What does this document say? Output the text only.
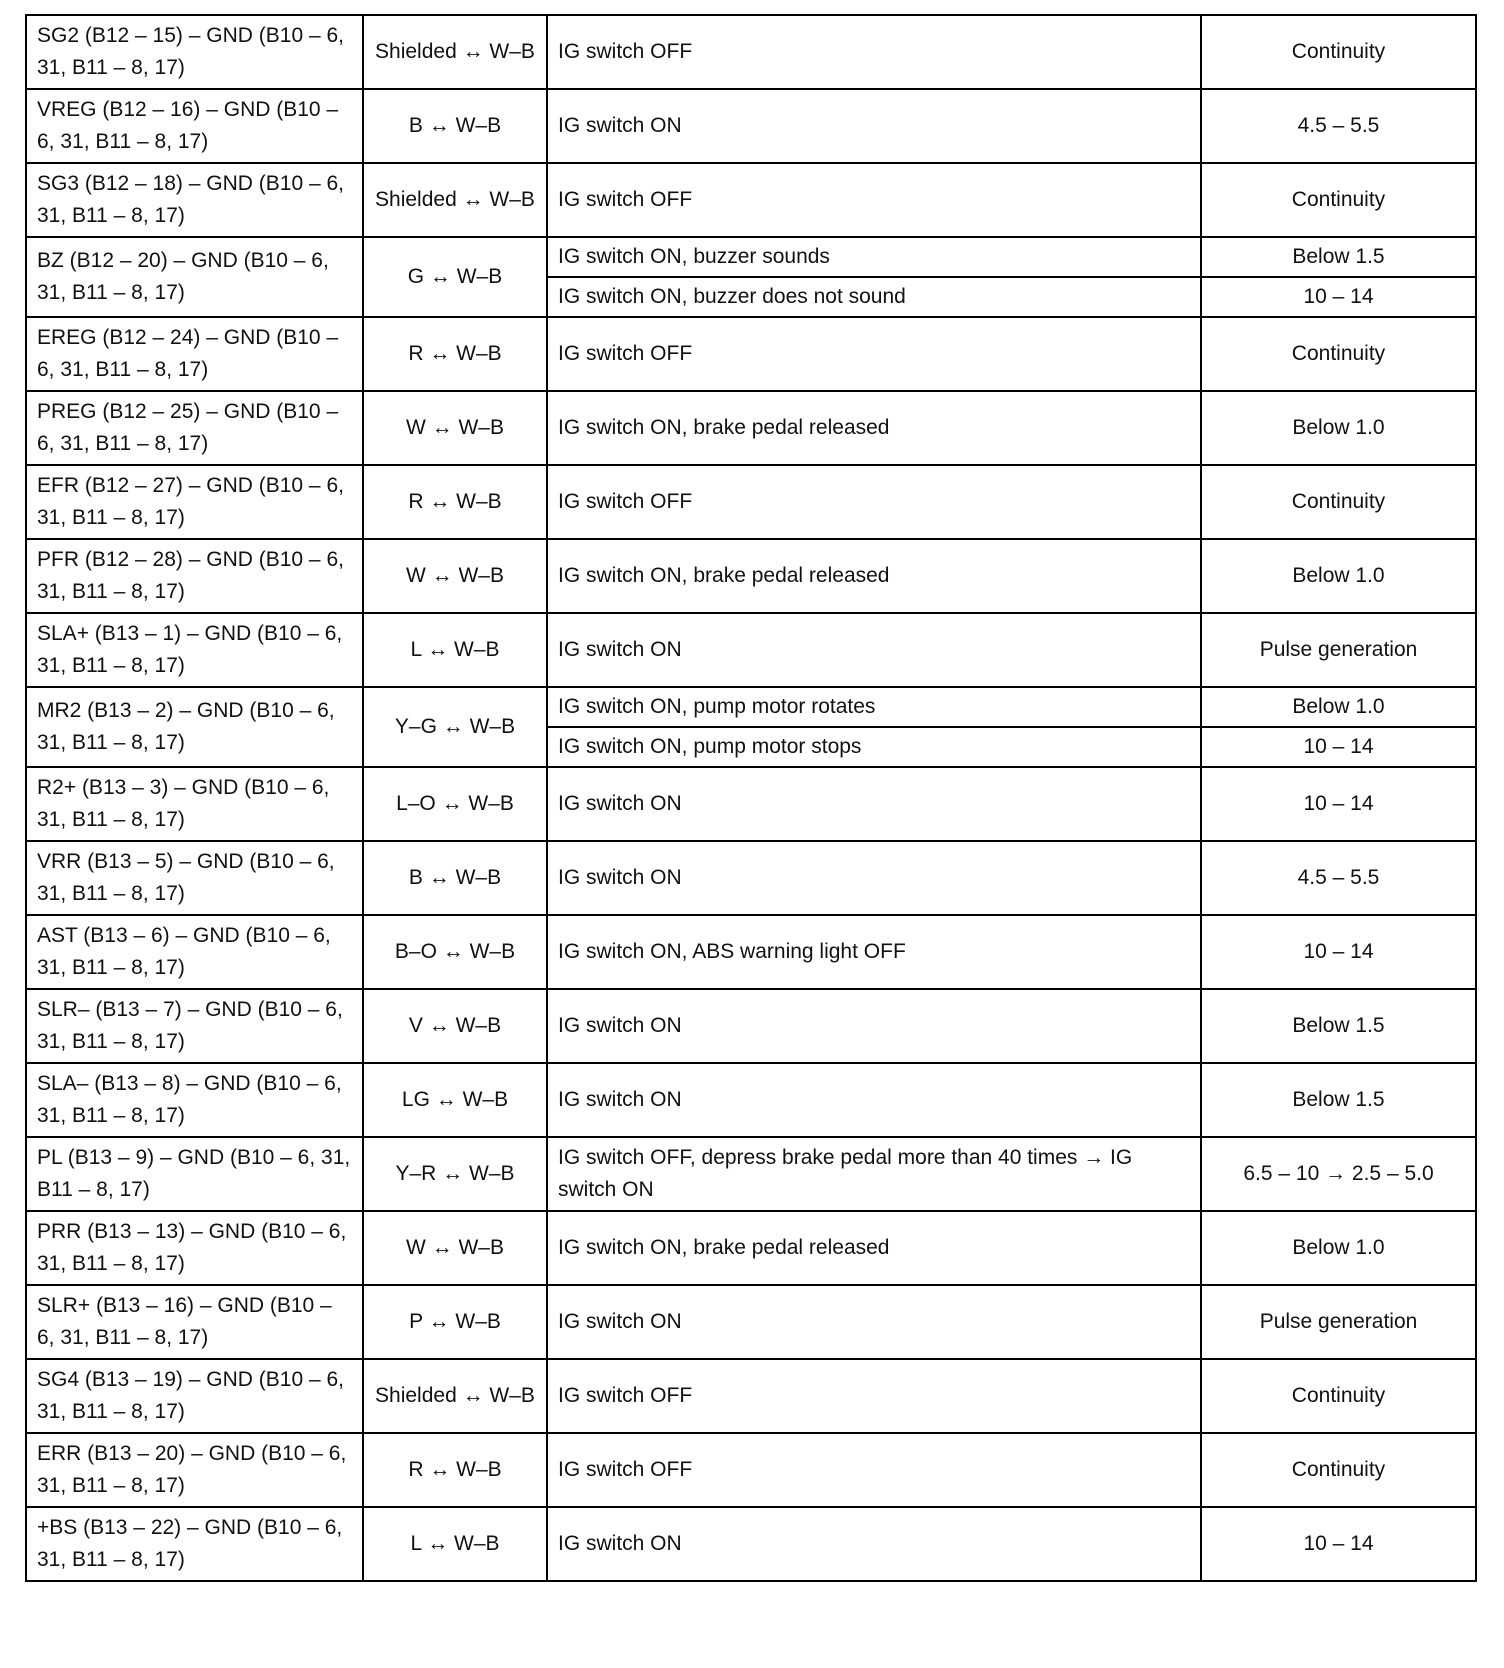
SG2 (B12 – 15) – GND (B10 – 6, 31, B11 – 8, 17)	Shielded ↔ W–B	IG switch OFF	Continuity
VREG (B12 – 16) – GND (B10 – 6, 31, B11 – 8, 17)	B ↔ W–B	IG switch ON	4.5 – 5.5
SG3 (B12 – 18) – GND (B10 – 6, 31, B11 – 8, 17)	Shielded ↔ W–B	IG switch OFF	Continuity
BZ (B12 – 20) – GND (B10 – 6, 31, B11 – 8, 17)	G ↔ W–B	IG switch ON, buzzer sounds	Below 1.5
		IG switch ON, buzzer does not sound	10 – 14
EREG (B12 – 24) – GND (B10 – 6, 31, B11 – 8, 17)	R ↔ W–B	IG switch OFF	Continuity
PREG (B12 – 25) – GND (B10 – 6, 31, B11 – 8, 17)	W ↔ W–B	IG switch ON, brake pedal released	Below 1.0
EFR (B12 – 27) – GND (B10 – 6, 31, B11 – 8, 17)	R ↔ W–B	IG switch OFF	Continuity
PFR (B12 – 28) – GND (B10 – 6, 31, B11 – 8, 17)	W ↔ W–B	IG switch ON, brake pedal released	Below 1.0
SLA+ (B13 – 1) – GND (B10 – 6, 31, B11 – 8, 17)	L ↔ W–B	IG switch ON	Pulse generation
MR2 (B13 – 2) – GND (B10 – 6, 31, B11 – 8, 17)	Y–G ↔ W–B	IG switch ON, pump motor rotates	Below 1.0
		IG switch ON, pump motor stops	10 – 14
R2+ (B13 – 3) – GND (B10 – 6, 31, B11 – 8, 17)	L–O ↔ W–B	IG switch ON	10 – 14
VRR (B13 – 5) – GND (B10 – 6, 31, B11 – 8, 17)	B ↔ W–B	IG switch ON	4.5 – 5.5
AST (B13 – 6) – GND (B10 – 6, 31, B11 – 8, 17)	B–O ↔ W–B	IG switch ON, ABS warning light OFF	10 – 14
SLR– (B13 – 7) – GND (B10 – 6, 31, B11 – 8, 17)	V ↔ W–B	IG switch ON	Below 1.5
SLA– (B13 – 8) – GND (B10 – 6, 31, B11 – 8, 17)	LG ↔ W–B	IG switch ON	Below 1.5
PL (B13 – 9) – GND (B10 – 6, 31, B11 – 8, 17)	Y–R ↔ W–B	IG switch OFF, depress brake pedal more than 40 times → IG switch ON	6.5 – 10 → 2.5 – 5.0
PRR (B13 – 13) – GND (B10 – 6, 31, B11 – 8, 17)	W ↔ W–B	IG switch ON, brake pedal released	Below 1.0
SLR+ (B13 – 16) – GND (B10 – 6, 31, B11 – 8, 17)	P ↔ W–B	IG switch ON	Pulse generation
SG4 (B13 – 19) – GND (B10 – 6, 31, B11 – 8, 17)	Shielded ↔ W–B	IG switch OFF	Continuity
ERR (B13 – 20) – GND (B10 – 6, 31, B11 – 8, 17)	R ↔ W–B	IG switch OFF	Continuity
+BS (B13 – 22) – GND (B10 – 6, 31, B11 – 8, 17)	L ↔ W–B	IG switch ON	10 – 14
